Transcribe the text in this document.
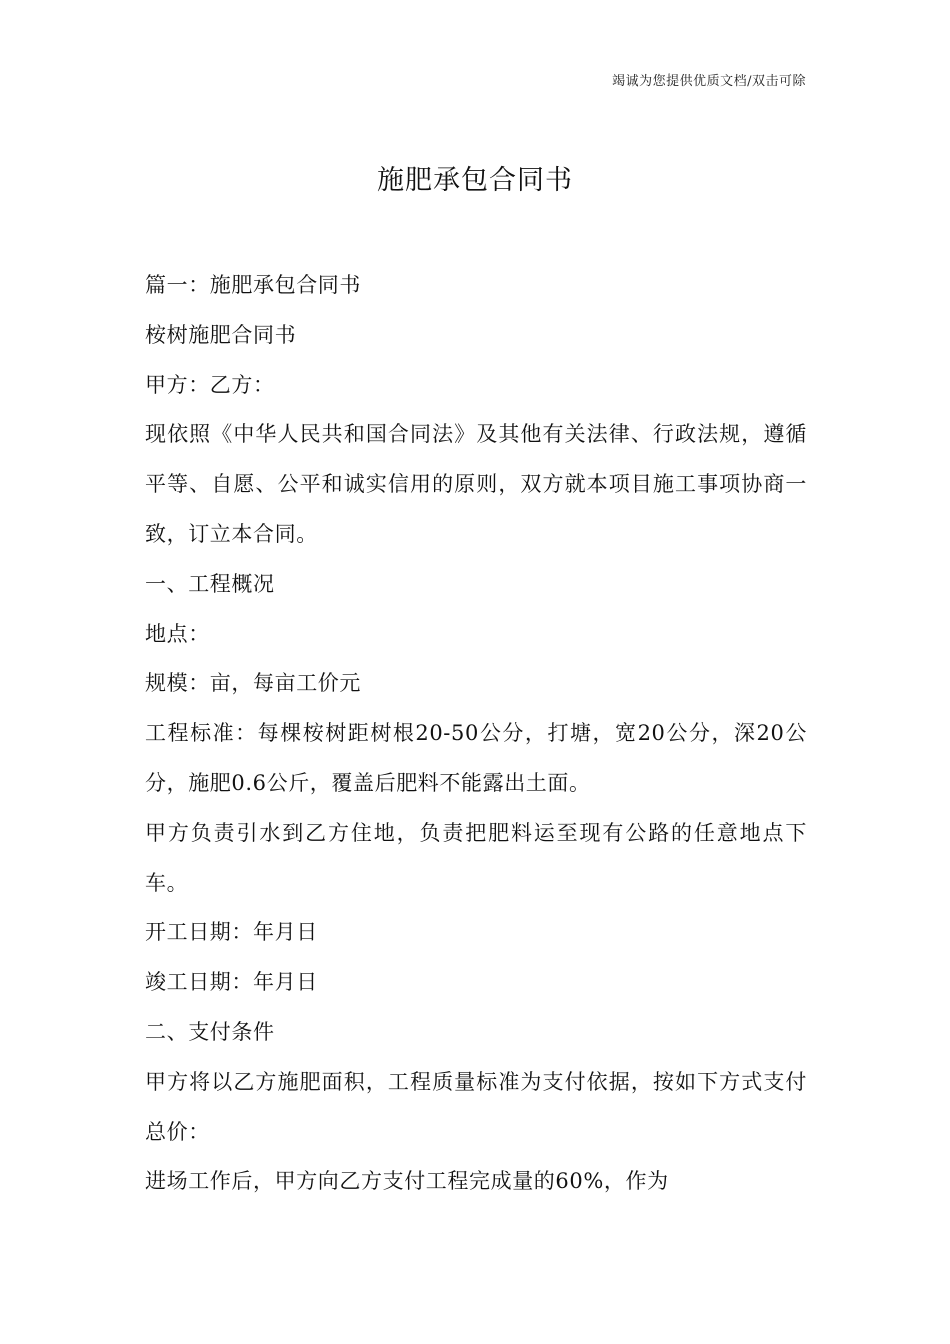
竭诚为您提供优质文档/双击可除
施肥承包合同书

篇一：施肥承包合同书

桉树施肥合同书

甲方：乙方：

现依照《中华人民共和国合同法》及其他有关法律、行政法规，遵循平等、自愿、公平和诚实信用的原则，双方就本项目施工事项协商一致，订立本合同。

一、工程概况

地点：

规模：亩，每亩工价元

工程标准：每棵桉树距树根20-50公分，打塘，宽20公分，深20公分，施肥0.6公斤，覆盖后肥料不能露出土面。

甲方负责引水到乙方住地，负责把肥料运至现有公路的任意地点下车。

开工日期：年月日

竣工日期：年月日

二、支付条件

甲方将以乙方施肥面积，工程质量标准为支付依据，按如下方式支付总价：

进场工作后，甲方向乙方支付工程完成量的60%，作为
